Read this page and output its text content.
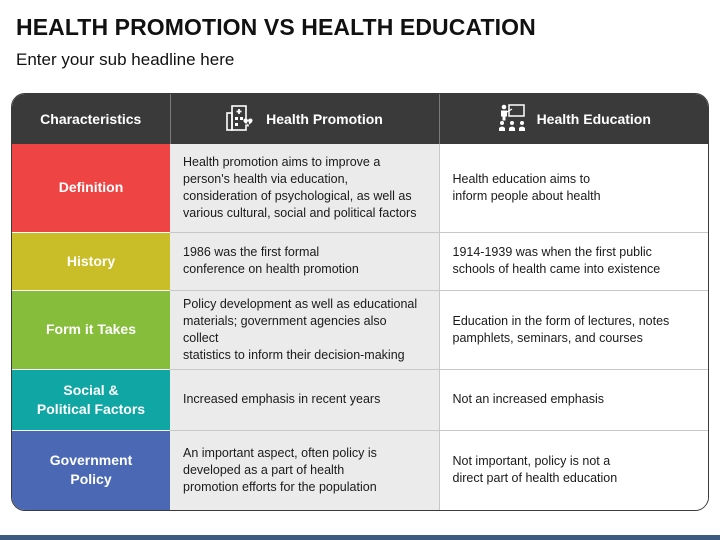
HEALTH PROMOTION VS HEALTH EDUCATION
Enter your sub headline here
Characteristics	Health Promotion	Health Education

Definition	Health promotion aims to improve a
person's health via education,
consideration of psychological, as well as
various cultural, social and political factors	Health education aims to
inform people about health
History	1986 was the first formal
conference on health promotion	1914-1939 was when the first public
schools of health came into existence
Form it Takes	Policy development as well as educational
materials; government agencies also collect
statistics to inform their decision-making	Education in the form of lectures, notes
pamphlets, seminars, and courses
Social &
Political Factors	Increased emphasis in recent years	Not an increased emphasis
Government
Policy	An important aspect, often policy is
developed as a part of health
promotion efforts for the population	Not important, policy is not a
direct part of health education
